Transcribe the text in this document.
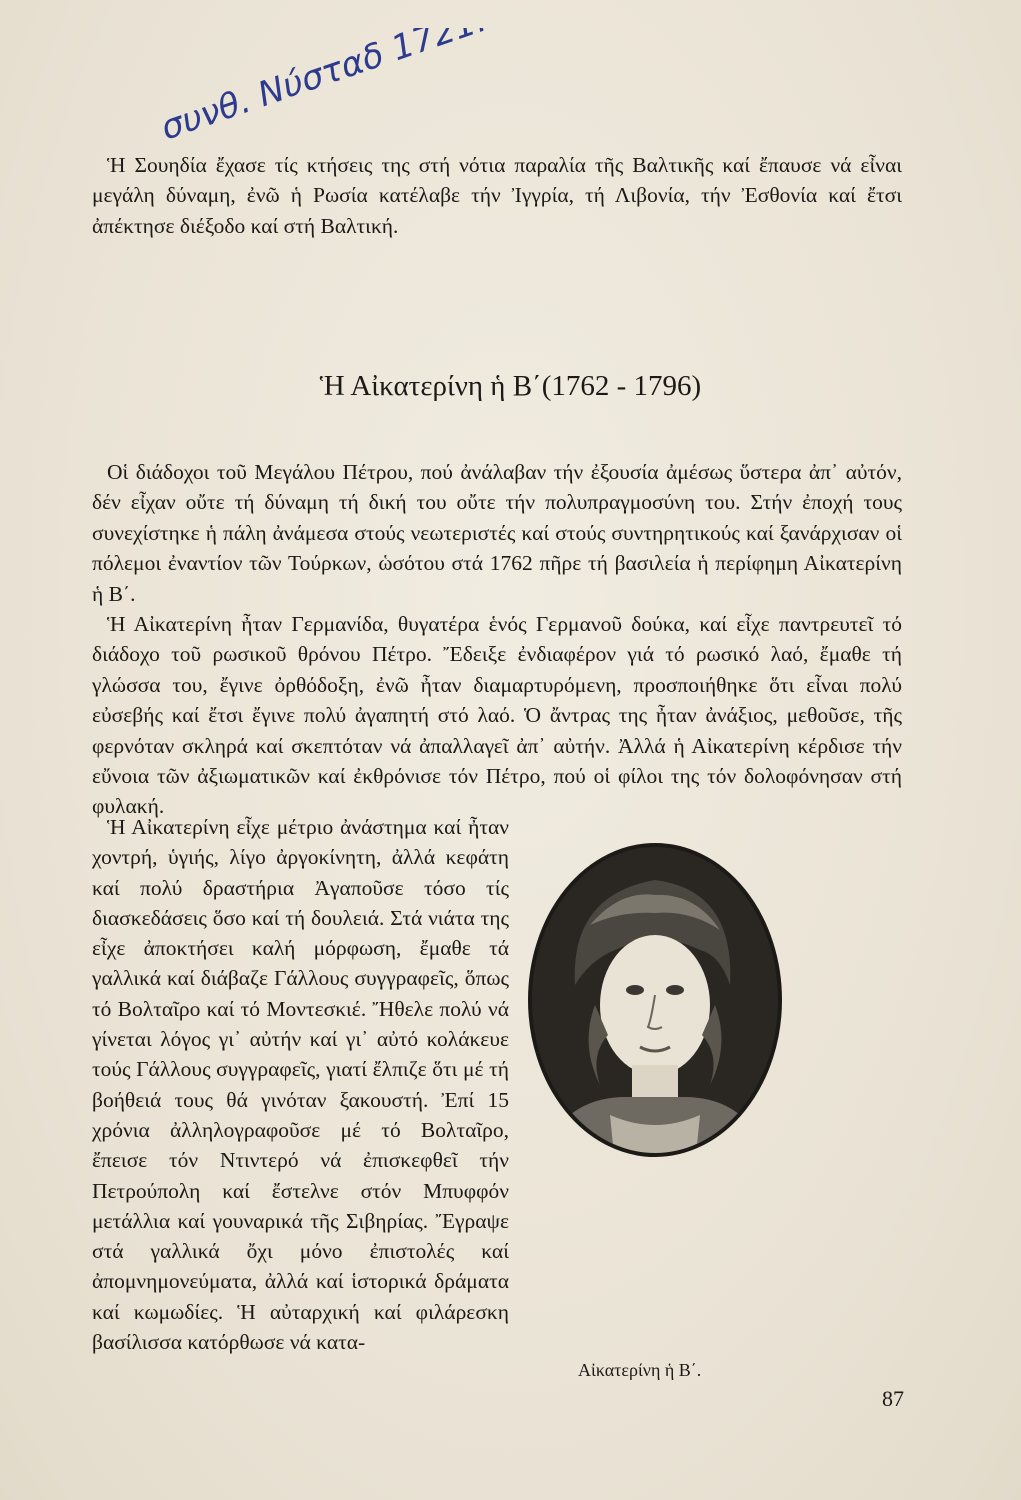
συνθ. Νύσταδ 1721.

Ἡ Σουηδία ἔχασε τίς κτήσεις της στή νότια παραλία τῆς Βαλτικῆς καί ἔπαυσε νά εἶναι μεγάλη δύναμη, ἐνῶ ἡ Ρωσία κατέλαβε τήν Ἰγγρία, τή Λιβονία, τήν Ἐσθονία καί ἔτσι ἀπέκτησε διέξοδο καί στή Βαλτική.

Ἡ Αἰκατερίνη ἡ Β΄(1762 - 1796)

Οἱ διάδοχοι τοῦ Μεγάλου Πέτρου, πού ἀνάλαβαν τήν ἐξουσία ἀμέσως ὕστερα ἀπ᾽ αὐτόν, δέν εἶχαν οὔτε τή δύναμη τή δική του οὔτε τήν πολυπραγμοσύνη του. Στήν ἐποχή τους συνεχίστηκε ἡ πάλη ἀνάμεσα στούς νεωτεριστές καί στούς συντηρητικούς καί ξανάρχισαν οἱ πόλεμοι ἐναντίον τῶν Τούρκων, ὡσότου στά 1762 πῆρε τή βασιλεία ἡ περίφημη Αἰκατερίνη ἡ Β΄.

Ἡ Αἰκατερίνη ἦταν Γερμανίδα, θυγατέρα ἑνός Γερμανοῦ δούκα, καί εἶχε παντρευτεῖ τό διάδοχο τοῦ ρωσικοῦ θρόνου Πέτρο. Ἔδειξε ἐνδιαφέρον γιά τό ρωσικό λαό, ἔμαθε τή γλώσσα του, ἔγινε ὀρθόδοξη, ἐνῶ ἦταν διαμαρτυρόμενη, προσποιήθηκε ὅτι εἶναι πολύ εὐσεβής καί ἔτσι ἔγινε πολύ ἀγαπητή στό λαό. Ὁ ἄντρας της ἦταν ἀνάξιος, μεθοῦσε, τῆς φερνόταν σκληρά καί σκεπτόταν νά ἀπαλλαγεῖ ἀπ᾽ αὐτήν. Ἀλλά ἡ Αἰκατερίνη κέρδισε τήν εὔνοια τῶν ἀξιωματικῶν καί ἐκθρόνισε τόν Πέτρο, πού οἱ φίλοι της τόν δολοφόνησαν στή φυλακή.

Ἡ Αἰκατερίνη εἶχε μέτριο ἀνάστημα καί ἦταν χοντρή, ὑγιής, λίγο ἀργοκίνητη, ἀλλά κεφάτη καί πολύ δραστήρια Ἀγαποῦσε τόσο τίς διασκεδάσεις ὅσο καί τή δουλειά. Στά νιάτα της εἶχε ἀποκτήσει καλή μόρφωση, ἔμαθε τά γαλλικά καί διάβαζε Γάλλους συγγραφεῖς, ὅπως τό Βολταῖρο καί τό Μοντεσκιέ. Ἤθελε πολύ νά γίνεται λόγος γι᾽ αὐτήν καί γι᾽ αὐτό κολάκευε τούς Γάλλους συγγραφεῖς, γιατί ἔλπιζε ὅτι μέ τή βοήθειά τους θά γινόταν ξακουστή. Ἐπί 15 χρόνια ἀλληλογραφοῦσε μέ τό Βολταῖρο, ἔπεισε τόν Ντιντερό νά ἐπισκεφθεῖ τήν Πετρούπολη καί ἔστελνε στόν Μπυφφόν μετάλλια καί γουναρικά τῆς Σιβηρίας. Ἔγραψε στά γαλλικά ὄχι μόνο ἐπιστολές καί ἀπομνημονεύματα, ἀλλά καί ἱστορικά δράματα καί κωμωδίες. Ἡ αὐταρχική καί φιλάρεσκη βασίλισσα κατόρθωσε νά κατα-

Αἰκατερίνη ἡ Β΄.
87
